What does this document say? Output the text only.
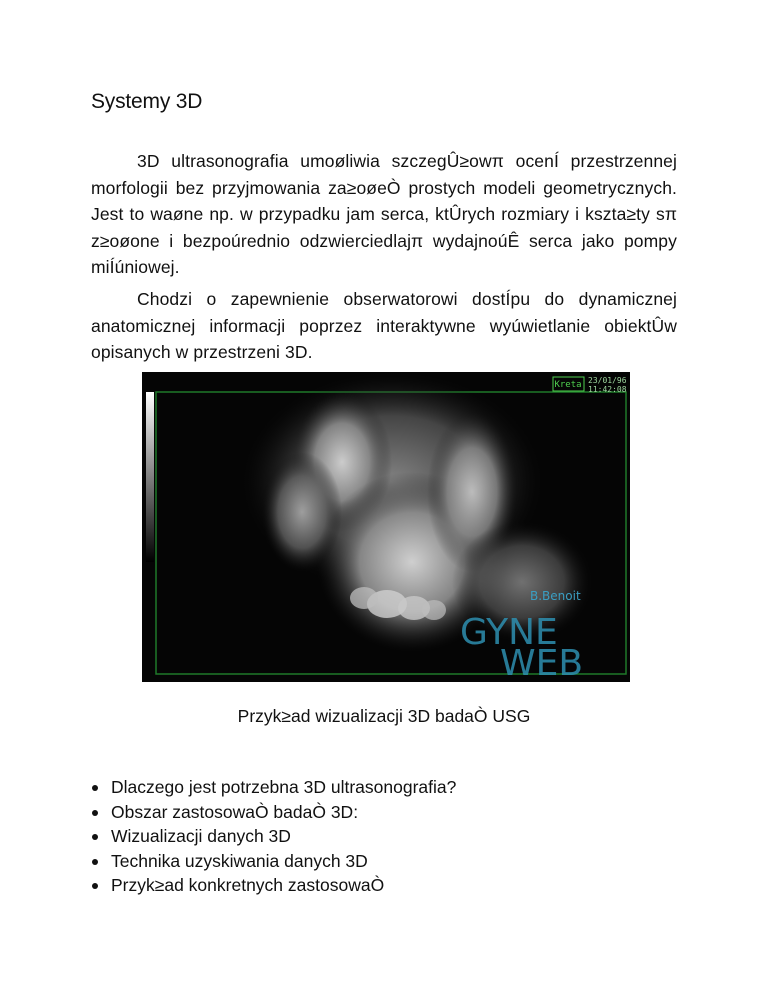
Systemy 3D

3D ultrasonografia umoøliwia szczegÛ≥owπ ocenÍ przestrzennej morfologii bez przyjmowania za≥oøeÒ prostych modeli geometrycznych. Jest to waøne np. w przypadku jam serca, ktÛrych rozmiary i kszta≥ty sπ z≥oøone i bezpoúrednio odzwierciedlajπ wydajnoúÊ serca jako pompy miÍúniowej.

Chodzi o zapewnienie obserwatorowi dostÍpu do dynamicznej anatomicznej informacji poprzez interaktywne wyúwietlanie obiektÛw opisanych w przestrzeni 3D.

Kreta 23/01/96
11:42:08
B.Benoit
GYNE
WEB
Przyk≥ad wizualizacji 3D badaÒ USG
Dlaczego jest potrzebna 3D ultrasonografia?
Obszar zastosowaÒ badaÒ 3D:
Wizualizacji danych 3D
Technika uzyskiwania danych 3D
Przyk≥ad konkretnych zastosowaÒ
